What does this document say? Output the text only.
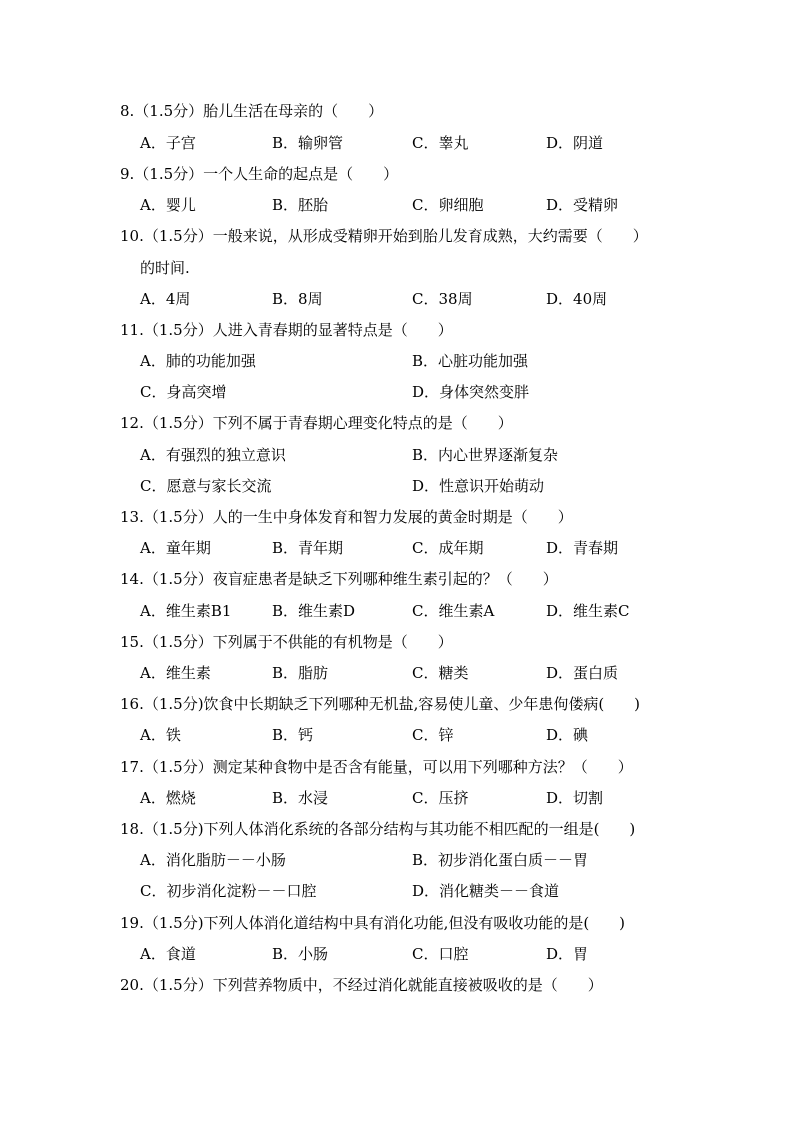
8.（1.5分）胎儿生活在母亲的（　　）
A．子宫	B．输卵管	C．睾丸	D．阴道
9.（1.5分）一个人生命的起点是（　　）
A．婴儿	B．胚胎	C．卵细胞	D．受精卵
10.（1.5分）一般来说，从形成受精卵开始到胎儿发育成熟，大约需要（　　）
的时间.
A．4周	B．8周	C．38周	D．40周
11.（1.5分）人进入青春期的显著特点是（　　）
A．肺的功能加强	B．心脏功能加强
C．身高突增	D．身体突然变胖
12.（1.5分）下列不属于青春期心理变化特点的是（　　）
A．有强烈的独立意识	B．内心世界逐渐复杂
C．愿意与家长交流	D．性意识开始萌动
13.（1.5分）人的一生中身体发育和智力发展的黄金时期是（　　）
A．童年期	B．青年期	C．成年期	D．青春期
14.（1.5分）夜盲症患者是缺乏下列哪种维生素引起的？（　　）
A．维生素B1	B．维生素D	C．维生素A	D．维生素C
15.（1.5分）下列属于不供能的有机物是（　　）
A．维生素	B．脂肪	C．糖类	D．蛋白质
16.（1.5分)饮食中长期缺乏下列哪种无机盐,容易使儿童、少年患佝偻病(　　)
A．铁	B．钙	C．锌	D．碘
17.（1.5分）测定某种食物中是否含有能量，可以用下列哪种方法？（　　）
A．燃烧	B．水浸	C．压挤	D．切割
18.（1.5分)下列人体消化系统的各部分结构与其功能不相匹配的一组是(　　)
A．消化脂肪－－小肠	B．初步消化蛋白质－－胃
C．初步消化淀粉－－口腔	D．消化糖类－－食道
19.（1.5分)下列人体消化道结构中具有消化功能,但没有吸收功能的是(　　)
A．食道	B．小肠	C．口腔	D．胃
20.（1.5分）下列营养物质中，不经过消化就能直接被吸收的是（　　）
